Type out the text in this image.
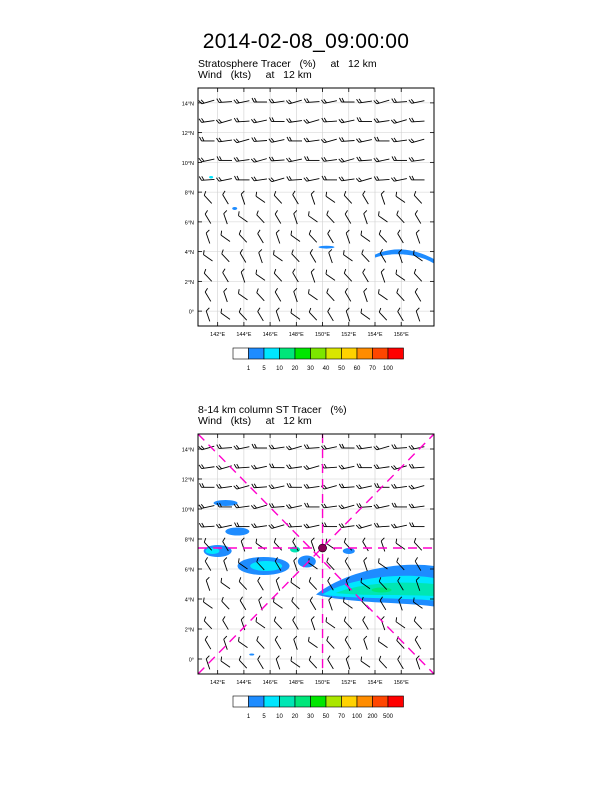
2014-02-08_09:00:00
Stratosphere Tracer   (%)     at   12 km
Wind   (kts)     at   12 km
14°N
12°N
10°N
8°N
6°N
4°N
2°N
0°
142°E 144°E 146°E 148°E 150°E 152°E 154°E 156°E
1 5 10 20 30 40 50 60 70 100
8-14 km column ST Tracer   (%)
Wind   (kts)     at   12 km
14°N
12°N
10°N
8°N
6°N
4°N
2°N
0°
142°E 144°E 146°E 148°E 150°E 152°E 154°E 156°E
1 5 10 20 30 50 70 100 200 500
